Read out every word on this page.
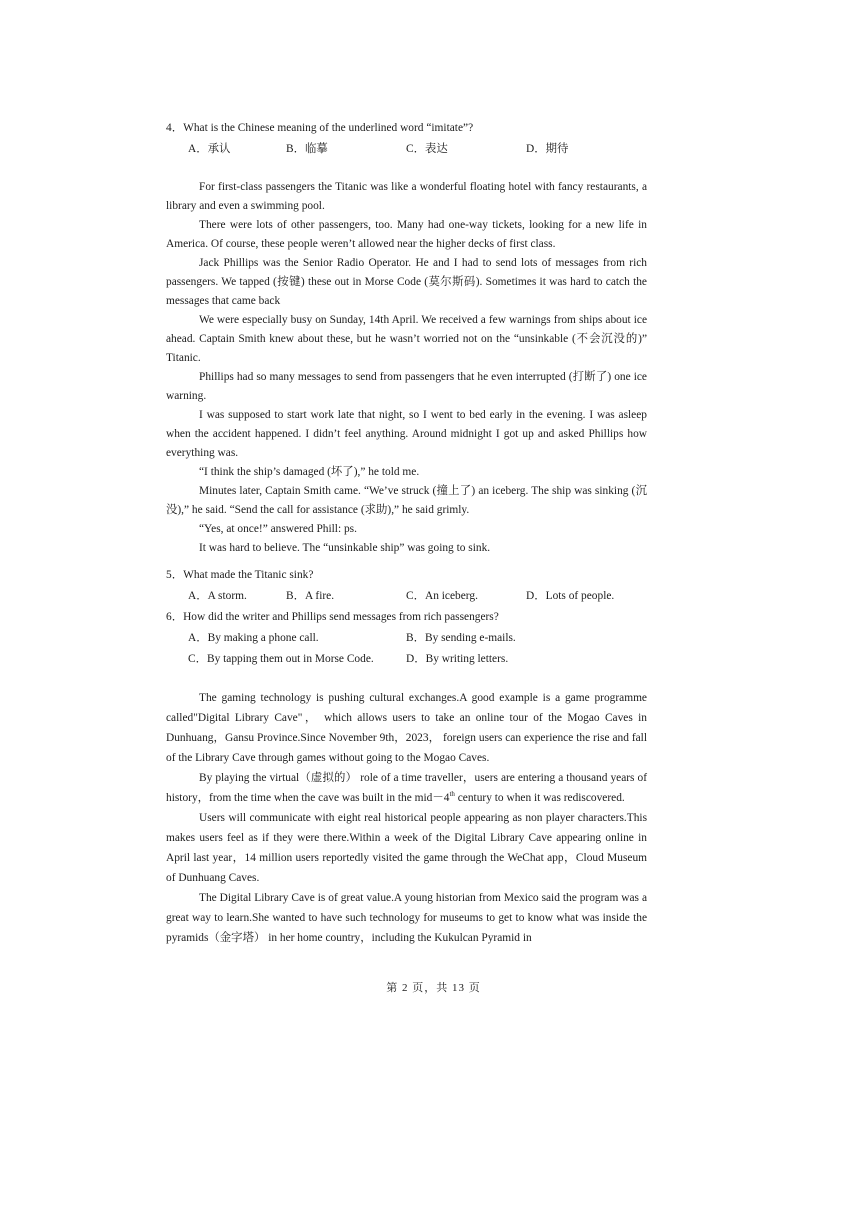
4．What is the Chinese meaning of the underlined word “imitate”?
A．承认	B．临摹	C．表达	D．期待

For first-class passengers the Titanic was like a wonderful floating hotel with fancy restaurants, a library and even a swimming pool.

There were lots of other passengers, too. Many had one-way tickets, looking for a new life in America. Of course, these people weren’t allowed near the higher decks of first class.

Jack Phillips was the Senior Radio Operator. He and I had to send lots of messages from rich passengers. We tapped (按键) these out in Morse Code (莫尔斯码). Sometimes it was hard to catch the messages that came back

We were especially busy on Sunday, 14th April. We received a few warnings from ships about ice ahead. Captain Smith knew about these, but he wasn’t worried not on the “unsinkable (不会沉没的)” Titanic.

Phillips had so many messages to send from passengers that he even interrupted (打断了) one ice warning.

I was supposed to start work late that night, so I went to bed early in the evening. I was asleep when the accident happened. I didn’t feel anything. Around midnight I got up and asked Phillips how everything was.

“I think the ship’s damaged (坏了),” he told me.

Minutes later, Captain Smith came. “We’ve struck (撞上了) an iceberg. The ship was sinking (沉没),” he said. “Send the call for assistance (求助),” he said grimly.

“Yes, at once!” answered Phill: ps.

It was hard to believe. The “unsinkable ship” was going to sink.

5．What made the Titanic sink?
A．A storm.	B．A fire.	C．An iceberg.	D．Lots of people.
6．How did the writer and Phillips send messages from rich passengers?
A．By making a phone call.	B．By sending e-mails.
C．By tapping them out in Morse Code.	D．By writing letters.

The gaming technology is pushing cultural exchanges.A good example is a game programme called"Digital Library Cave"， which allows users to take an online tour of the Mogao Caves in Dunhuang，Gansu Province.Since November 9th，2023， foreign users can experience the rise and fall of the Library Cave through games without going to the Mogao Caves.

By playing the virtual（虚拟的） role of a time traveller，users are entering a thousand years of history，from the time when the cave was built in the mid－4th century to when it was rediscovered.

Users will communicate with eight real historical people appearing as non player characters.This makes users feel as if they were there.Within a week of the Digital Library Cave appearing online in April last year，14 million users reportedly visited the game through the WeChat app，Cloud Museum of Dunhuang Caves.

The Digital Library Cave is of great value.A young historian from Mexico said the program was a great way to learn.She wanted to have such technology for museums to get to know what was inside the pyramids（金字塔） in her home country，including the Kukulcan Pyramid in

第 2 页，共 13 页
